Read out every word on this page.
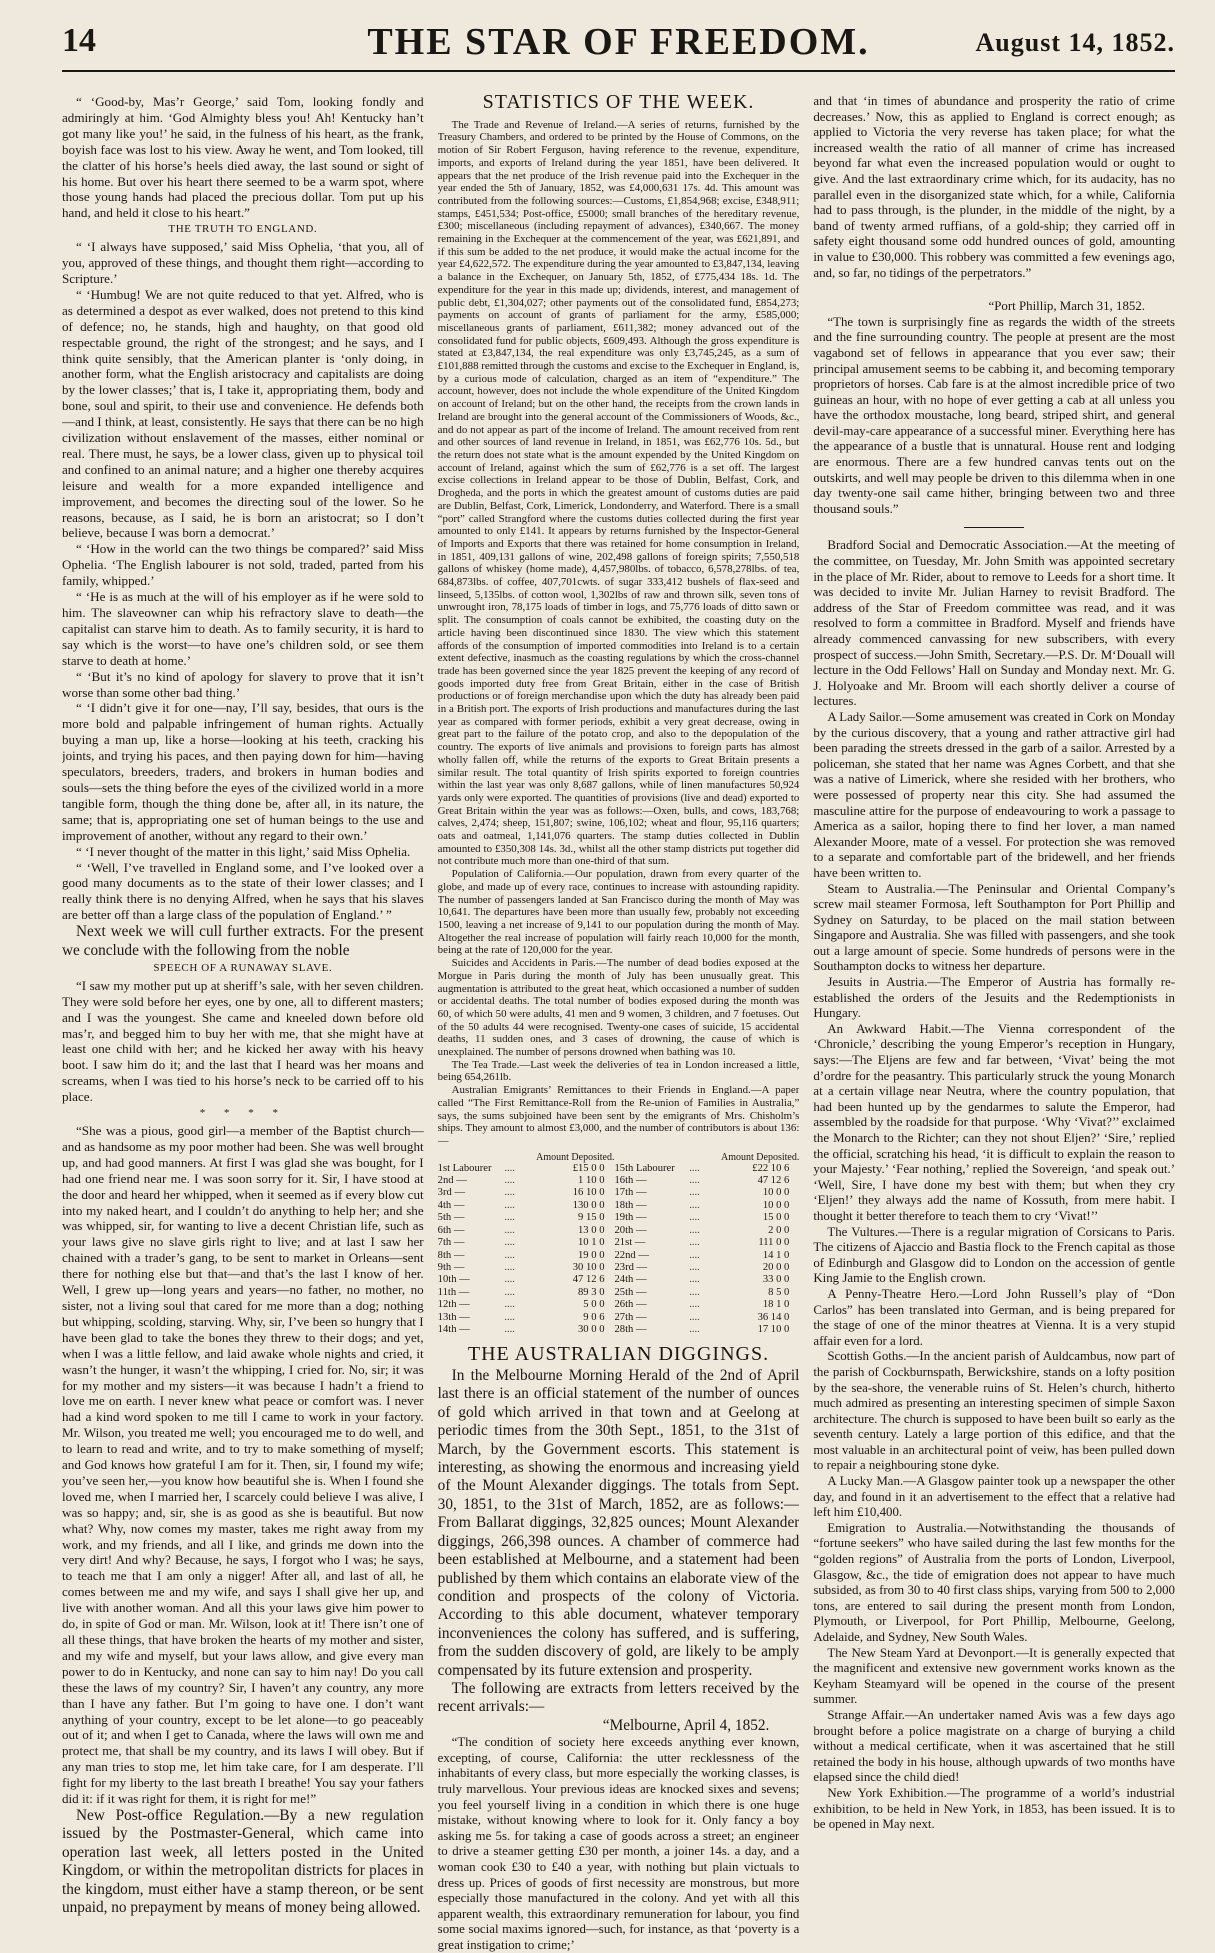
14	THE STAR OF FREEDOM.	August 14, 1852.

“ ‘Good-by, Mas’r George,’ said Tom, looking fondly and admiringly at him. ‘God Almighty bless you! Ah! Kentucky han’t got many like you!’ he said, in the fulness of his heart, as the frank, boyish face was lost to his view. Away he went, and Tom looked, till the clatter of his horse’s heels died away, the last sound or sight of his home. But over his heart there seemed to be a warm spot, where those young hands had placed the precious dollar. Tom put up his hand, and held it close to his heart.”

THE TRUTH TO ENGLAND.

“ ‘I always have supposed,’ said Miss Ophelia, ‘that you, all of you, approved of these things, and thought them right—according to Scripture.’

“ ‘Humbug! We are not quite reduced to that yet. Alfred, who is as determined a despot as ever walked, does not pretend to this kind of defence; no, he stands, high and haughty, on that good old respectable ground, the right of the strongest; and he says, and I think quite sensibly, that the American planter is ‘only doing, in another form, what the English aristocracy and capitalists are doing by the lower classes;’ that is, I take it, appropriating them, body and bone, soul and spirit, to their use and convenience. He defends both—and I think, at least, consistently. He says that there can be no high civilization without enslavement of the masses, either nominal or real. There must, he says, be a lower class, given up to physical toil and confined to an animal nature; and a higher one thereby acquires leisure and wealth for a more expanded intelligence and improvement, and becomes the directing soul of the lower. So he reasons, because, as I said, he is born an aristocrat; so I don’t believe, because I was born a democrat.’

“ ‘How in the world can the two things be compared?’ said Miss Ophelia. ‘The English labourer is not sold, traded, parted from his family, whipped.’

“ ‘He is as much at the will of his employer as if he were sold to him. The slaveowner can whip his refractory slave to death—the capitalist can starve him to death. As to family security, it is hard to say which is the worst—to have one’s children sold, or see them starve to death at home.’

“ ‘But it’s no kind of apology for slavery to prove that it isn’t worse than some other bad thing.’

“ ‘I didn’t give it for one—nay, I’ll say, besides, that ours is the more bold and palpable infringement of human rights. Actually buying a man up, like a horse—looking at his teeth, cracking his joints, and trying his paces, and then paying down for him—having speculators, breeders, traders, and brokers in human bodies and souls—sets the thing before the eyes of the civilized world in a more tangible form, though the thing done be, after all, in its nature, the same; that is, appropriating one set of human beings to the use and improvement of another, without any regard to their own.’

“ ‘I never thought of the matter in this light,’ said Miss Ophelia.

“ ‘Well, I’ve travelled in England some, and I’ve looked over a good many documents as to the state of their lower classes; and I really think there is no denying Alfred, when he says that his slaves are better off than a large class of the population of England.’ ”

Next week we will cull further extracts. For the present we conclude with the following from the noble

SPEECH OF A RUNAWAY SLAVE.

“I saw my mother put up at sheriff’s sale, with her seven children. They were sold before her eyes, one by one, all to different masters; and I was the youngest. She came and kneeled down before old mas’r, and begged him to buy her with me, that she might have at least one child with her; and he kicked her away with his heavy boot. I saw him do it; and the last that I heard was her moans and screams, when I was tied to his horse’s neck to be carried off to his place.

* * * *

“She was a pious, good girl—a member of the Baptist church—and as handsome as my poor mother had been. She was well brought up, and had good manners. At first I was glad she was bought, for I had one friend near me. I was soon sorry for it. Sir, I have stood at the door and heard her whipped, when it seemed as if every blow cut into my naked heart, and I couldn’t do anything to help her; and she was whipped, sir, for wanting to live a decent Christian life, such as your laws give no slave girls right to live; and at last I saw her chained with a trader’s gang, to be sent to market in Orleans—sent there for nothing else but that—and that’s the last I know of her. Well, I grew up—long years and years—no father, no mother, no sister, not a living soul that cared for me more than a dog; nothing but whipping, scolding, starving. Why, sir, I’ve been so hungry that I have been glad to take the bones they threw to their dogs; and yet, when I was a little fellow, and laid awake whole nights and cried, it wasn’t the hunger, it wasn’t the whipping, I cried for. No, sir; it was for my mother and my sisters—it was because I hadn’t a friend to love me on earth. I never knew what peace or comfort was. I never had a kind word spoken to me till I came to work in your factory. Mr. Wilson, you treated me well; you encouraged me to do well, and to learn to read and write, and to try to make something of myself; and God knows how grateful I am for it. Then, sir, I found my wife; you’ve seen her,—you know how beautiful she is. When I found she loved me, when I married her, I scarcely could believe I was alive, I was so happy; and, sir, she is as good as she is beautiful. But now what? Why, now comes my master, takes me right away from my work, and my friends, and all I like, and grinds me down into the very dirt! And why? Because, he says, I forgot who I was; he says, to teach me that I am only a nigger! After all, and last of all, he comes between me and my wife, and says I shall give her up, and live with another woman. And all this your laws give him power to do, in spite of God or man. Mr. Wilson, look at it! There isn’t one of all these things, that have broken the hearts of my mother and sister, and my wife and myself, but your laws allow, and give every man power to do in Kentucky, and none can say to him nay! Do you call these the laws of my country? Sir, I haven’t any country, any more than I have any father. But I’m going to have one. I don’t want anything of your country, except to be let alone—to go peaceably out of it; and when I get to Canada, where the laws will own me and protect me, that shall be my country, and its laws I will obey. But if any man tries to stop me, let him take care, for I am desperate. I’ll fight for my liberty to the last breath I breathe! You say your fathers did it: if it was right for them, it is right for me!”

New Post-office Regulation.—By a new regulation issued by the Postmaster-General, which came into operation last week, all letters posted in the United Kingdom, or within the metropolitan districts for places in the kingdom, must either have a stamp thereon, or be sent unpaid, no prepayment by means of money being allowed.

STATISTICS OF THE WEEK.

The Trade and Revenue of Ireland.—A series of returns, furnished by the Treasury Chambers, and ordered to be printed by the House of Commons, on the motion of Sir Robert Ferguson, having reference to the revenue, expenditure, imports, and exports of Ireland during the year 1851, have been delivered. It appears that the net produce of the Irish revenue paid into the Exchequer in the year ended the 5th of January, 1852, was £4,000,631 17s. 4d. This amount was contributed from the following sources:—Customs, £1,854,968; excise, £348,911; stamps, £451,534; Post-office, £5000; small branches of the hereditary revenue, £300; miscellaneous (including repayment of advances), £340,667. The money remaining in the Exchequer at the commencement of the year, was £621,891, and if this sum be added to the net produce, it would make the actual income for the year £4,622,572. The expenditure during the year amounted to £3,847,134, leaving a balance in the Exchequer, on January 5th, 1852, of £775,434 18s. 1d. The expenditure for the year in this made up; dividends, interest, and management of public debt, £1,304,027; other payments out of the consolidated fund, £854,273; payments on account of grants of parliament for the army, £585,000; miscellaneous grants of parliament, £611,382; money advanced out of the consolidated fund for public objects, £609,493. Although the gross expenditure is stated at £3,847,134, the real expenditure was only £3,745,245, as a sum of £101,888 remitted through the customs and excise to the Exchequer in England, is, by a curious mode of calculation, charged as an item of “expenditure.” The account, however, does not include the whole expenditure of the United Kingdom on account of Ireland; but on the other hand, the receipts from the crown lands in Ireland are brought into the general account of the Commissioners of Woods, &c., and do not appear as part of the income of Ireland. The amount received from rent and other sources of land revenue in Ireland, in 1851, was £62,776 10s. 5d., but the return does not state what is the amount expended by the United Kingdom on account of Ireland, against which the sum of £62,776 is a set off. The largest excise collections in Ireland appear to be those of Dublin, Belfast, Cork, and Drogheda, and the ports in which the greatest amount of customs duties are paid are Dublin, Belfast, Cork, Limerick, Londonderry, and Waterford. There is a small “port” called Strangford where the customs duties collected during the first year amounted to only £141. It appears by returns furnished by the Inspector-General of Imports and Exports that there was retained for home consumption in Ireland, in 1851, 409,131 gallons of wine, 202,498 gallons of foreign spirits; 7,550,518 gallons of whiskey (home made), 4,457,980lbs. of tobacco, 6,578,278lbs. of tea, 684,873lbs. of coffee, 407,701cwts. of sugar 333,412 bushels of flax-seed and linseed, 5,135lbs. of cotton wool, 1,302lbs of raw and thrown silk, seven tons of unwrought iron, 78,175 loads of timber in logs, and 75,776 loads of ditto sawn or split. The consumption of coals cannot be exhibited, the coasting duty on the article having been discontinued since 1830. The view which this statement affords of the consumption of imported commodities into Ireland is to a certain extent defective, inasmuch as the coasting regulations by which the cross-channel trade has been governed since the year 1825 prevent the keeping of any record of goods imported duty free from Great Britain, either in the case of British productions or of foreign merchandise upon which the duty has already been paid in a British port. The exports of Irish productions and manufactures during the last year as compared with former periods, exhibit a very great decrease, owing in great part to the failure of the potato crop, and also to the depopulation of the country. The exports of live animals and provisions to foreign parts has almost wholly fallen off, while the returns of the exports to Great Britain presents a similar result. The total quantity of Irish spirits exported to foreign countries within the last year was only 8,687 gallons, while of linen manufactures 50,924 yards only were exported. The quantities of provisions (live and dead) exported to Great Britain within the year was as follows:—Oxen, bulls, and cows, 183,768; calves, 2,474; sheep, 151,807; swine, 106,102; wheat and flour, 95,116 quarters; oats and oatmeal, 1,141,076 quarters. The stamp duties collected in Dublin amounted to £350,308 14s. 3d., whilst all the other stamp districts put together did not contribute much more than one-third of that sum.

Population of California.—Our population, drawn from every quarter of the globe, and made up of every race, continues to increase with astounding rapidity. The number of passengers landed at San Francisco during the month of May was 10,641. The departures have been more than usually few, probably not exceeding 1500, leaving a net increase of 9,141 to our population during the month of May. Altogether the real increase of population will fairly reach 10,000 for the month, being at the rate of 120,000 for the year.

Suicides and Accidents in Paris.—The number of dead bodies exposed at the Morgue in Paris during the month of July has been unusually great. This augmentation is attributed to the great heat, which occasioned a number of sudden or accidental deaths. The total number of bodies exposed during the month was 60, of which 50 were adults, 41 men and 9 women, 3 children, and 7 foetuses. Out of the 50 adults 44 were recognised. Twenty-one cases of suicide, 15 accidental deaths, 11 sudden ones, and 3 cases of drowning, the cause of which is unexplained. The number of persons drowned when bathing was 10.

The Tea Trade.—Last week the deliveries of tea in London increased a little, being 654,261lb.

Australian Emigrants’ Remittances to their Friends in England.—A paper called “The First Remittance-Roll from the Re-union of Families in Australia,” says, the sums subjoined have been sent by the emigrants of Mrs. Chisholm’s ships. They amount to almost £3,000, and the number of contributors is about 136:—

		Amount Deposited.			Amount Deposited.
1st Labourer	....	£15 0 0	15th Labourer	....	£22 10 6
2nd —	....	1 10 0	16th —	....	47 12 6
3rd —	....	16 10 0	17th —	....	10 0 0
4th —	....	130 0 0	18th —	....	10 0 0
5th —	....	9 15 0	19th —	....	15 0 0
6th —	....	13 0 0	20th —	....	2 0 0
7th —	....	10 1 0	21st —	....	111 0 0
8th —	....	19 0 0	22nd —	....	14 1 0
9th —	....	30 10 0	23rd —	....	20 0 0
10th —	....	47 12 6	24th —	....	33 0 0
11th —	....	89 3 0	25th —	....	8 5 0
12th —	....	5 0 0	26th —	....	18 1 0
13th —	....	9 0 6	27th —	....	36 14 0
14th —	....	30 0 0	28th —	....	17 10 0
THE AUSTRALIAN DIGGINGS.

In the Melbourne Morning Herald of the 2nd of April last there is an official statement of the number of ounces of gold which arrived in that town and at Geelong at periodic times from the 30th Sept., 1851, to the 31st of March, by the Government escorts. This statement is interesting, as showing the enormous and increasing yield of the Mount Alexander diggings. The totals from Sept. 30, 1851, to the 31st of March, 1852, are as follows:—From Ballarat diggings, 32,825 ounces; Mount Alexander diggings, 266,398 ounces. A chamber of commerce had been established at Melbourne, and a statement had been published by them which contains an elaborate view of the condition and prospects of the colony of Victoria. According to this able document, whatever temporary inconveniences the colony has suffered, and is suffering, from the sudden discovery of gold, are likely to be amply compensated by its future extension and prosperity.

The following are extracts from letters received by the recent arrivals:—

“Melbourne, April 4, 1852.

“The condition of society here exceeds anything ever known, excepting, of course, California: the utter recklessness of the inhabitants of every class, but more especially the working classes, is truly marvellous. Your previous ideas are knocked sixes and sevens; you feel yourself living in a condition in which there is one huge mistake, without knowing where to look for it. Only fancy a boy asking me 5s. for taking a case of goods across a street; an engineer to drive a steamer getting £30 per month, a joiner 14s. a day, and a woman cook £30 to £40 a year, with nothing but plain victuals to dress up. Prices of goods of first necessity are monstrous, but more especially those manufactured in the colony. And yet with all this apparent wealth, this extraordinary remuneration for labour, you find some social maxims ignored—such, for instance, as that ‘poverty is a great instigation to crime;’

and that ‘in times of abundance and prosperity the ratio of crime decreases.’ Now, this as applied to England is correct enough; as applied to Victoria the very reverse has taken place; for what the increased wealth the ratio of all manner of crime has increased beyond far what even the increased population would or ought to give. And the last extraordinary crime which, for its audacity, has no parallel even in the disorganized state which, for a while, California had to pass through, is the plunder, in the middle of the night, by a band of twenty armed ruffians, of a gold-ship; they carried off in safety eight thousand some odd hundred ounces of gold, amounting in value to £30,000. This robbery was committed a few evenings ago, and, so far, no tidings of the perpetrators.”

“Port Phillip, March 31, 1852.

“The town is surprisingly fine as regards the width of the streets and the fine surrounding country. The people at present are the most vagabond set of fellows in appearance that you ever saw; their principal amusement seems to be cabbing it, and becoming temporary proprietors of horses. Cab fare is at the almost incredible price of two guineas an hour, with no hope of ever getting a cab at all unless you have the orthodox moustache, long beard, striped shirt, and general devil-may-care appearance of a successful miner. Everything here has the appearance of a bustle that is unnatural. House rent and lodging are enormous. There are a few hundred canvas tents out on the outskirts, and well may people be driven to this dilemma when in one day twenty-one sail came hither, bringing between two and three thousand souls.”

Bradford Social and Democratic Association.—At the meeting of the committee, on Tuesday, Mr. John Smith was appointed secretary in the place of Mr. Rider, about to remove to Leeds for a short time. It was decided to invite Mr. Julian Harney to revisit Bradford. The address of the Star of Freedom committee was read, and it was resolved to form a committee in Bradford. Myself and friends have already commenced canvassing for new subscribers, with every prospect of success.—John Smith, Secretary.—P.S. Dr. M‘Douall will lecture in the Odd Fellows’ Hall on Sunday and Monday next. Mr. G. J. Holyoake and Mr. Broom will each shortly deliver a course of lectures.

A Lady Sailor.—Some amusement was created in Cork on Monday by the curious discovery, that a young and rather attractive girl had been parading the streets dressed in the garb of a sailor. Arrested by a policeman, she stated that her name was Agnes Corbett, and that she was a native of Limerick, where she resided with her brothers, who were possessed of property near this city. She had assumed the masculine attire for the purpose of endeavouring to work a passage to America as a sailor, hoping there to find her lover, a man named Alexander Moore, mate of a vessel. For protection she was removed to a separate and comfortable part of the bridewell, and her friends have been written to.

Steam to Australia.—The Peninsular and Oriental Company’s screw mail steamer Formosa, left Southampton for Port Phillip and Sydney on Saturday, to be placed on the mail station between Singapore and Australia. She was filled with passengers, and she took out a large amount of specie. Some hundreds of persons were in the Southampton docks to witness her departure.

Jesuits in Austria.—The Emperor of Austria has formally re-established the orders of the Jesuits and the Redemptionists in Hungary.

An Awkward Habit.—The Vienna correspondent of the ‘Chronicle,’ describing the young Emperor’s reception in Hungary, says:—The Eljens are few and far between, ‘Vivat’ being the mot d’ordre for the peasantry. This particularly struck the young Monarch at a certain village near Neutra, where the country population, that had been hunted up by the gendarmes to salute the Emperor, had assembled by the roadside for that purpose. ‘Why ‘Vivat?’’ exclaimed the Monarch to the Richter; can they not shout Eljen?’ ‘Sire,’ replied the official, scratching his head, ‘it is difficult to explain the reason to your Majesty.’ ‘Fear nothing,’ replied the Sovereign, ‘and speak out.’ ‘Well, Sire, I have done my best with them; but when they cry ‘Eljen!’ they always add the name of Kossuth, from mere habit. I thought it better therefore to teach them to cry ‘Vivat!’’

The Vultures.—There is a regular migration of Corsicans to Paris. The citizens of Ajaccio and Bastia flock to the French capital as those of Edinburgh and Glasgow did to London on the accession of gentle King Jamie to the English crown.

A Penny-Theatre Hero.—Lord John Russell’s play of “Don Carlos” has been translated into German, and is being prepared for the stage of one of the minor theatres at Vienna. It is a very stupid affair even for a lord.

Scottish Goths.—In the ancient parish of Auldcambus, now part of the parish of Cockburnspath, Berwickshire, stands on a lofty position by the sea-shore, the venerable ruins of St. Helen’s church, hitherto much admired as presenting an interesting specimen of simple Saxon architecture. The church is supposed to have been built so early as the seventh century. Lately a large portion of this edifice, and that the most valuable in an architectural point of veiw, has been pulled down to repair a neighbouring stone dyke.

A Lucky Man.—A Glasgow painter took up a newspaper the other day, and found in it an advertisement to the effect that a relative had left him £10,400.

Emigration to Australia.—Notwithstanding the thousands of “fortune seekers” who have sailed during the last few months for the “golden regions” of Australia from the ports of London, Liverpool, Glasgow, &c., the tide of emigration does not appear to have much subsided, as from 30 to 40 first class ships, varying from 500 to 2,000 tons, are entered to sail during the present month from London, Plymouth, or Liverpool, for Port Phillip, Melbourne, Geelong, Adelaide, and Sydney, New South Wales.

The New Steam Yard at Devonport.—It is generally expected that the magnificent and extensive new government works known as the Keyham Steamyard will be opened in the course of the present summer.

Strange Affair.—An undertaker named Avis was a few days ago brought before a police magistrate on a charge of burying a child without a medical certificate, when it was ascertained that he still retained the body in his house, although upwards of two months have elapsed since the child died!

New York Exhibition.—The programme of a world’s industrial exhibition, to be held in New York, in 1853, has been issued. It is to be opened in May next.
